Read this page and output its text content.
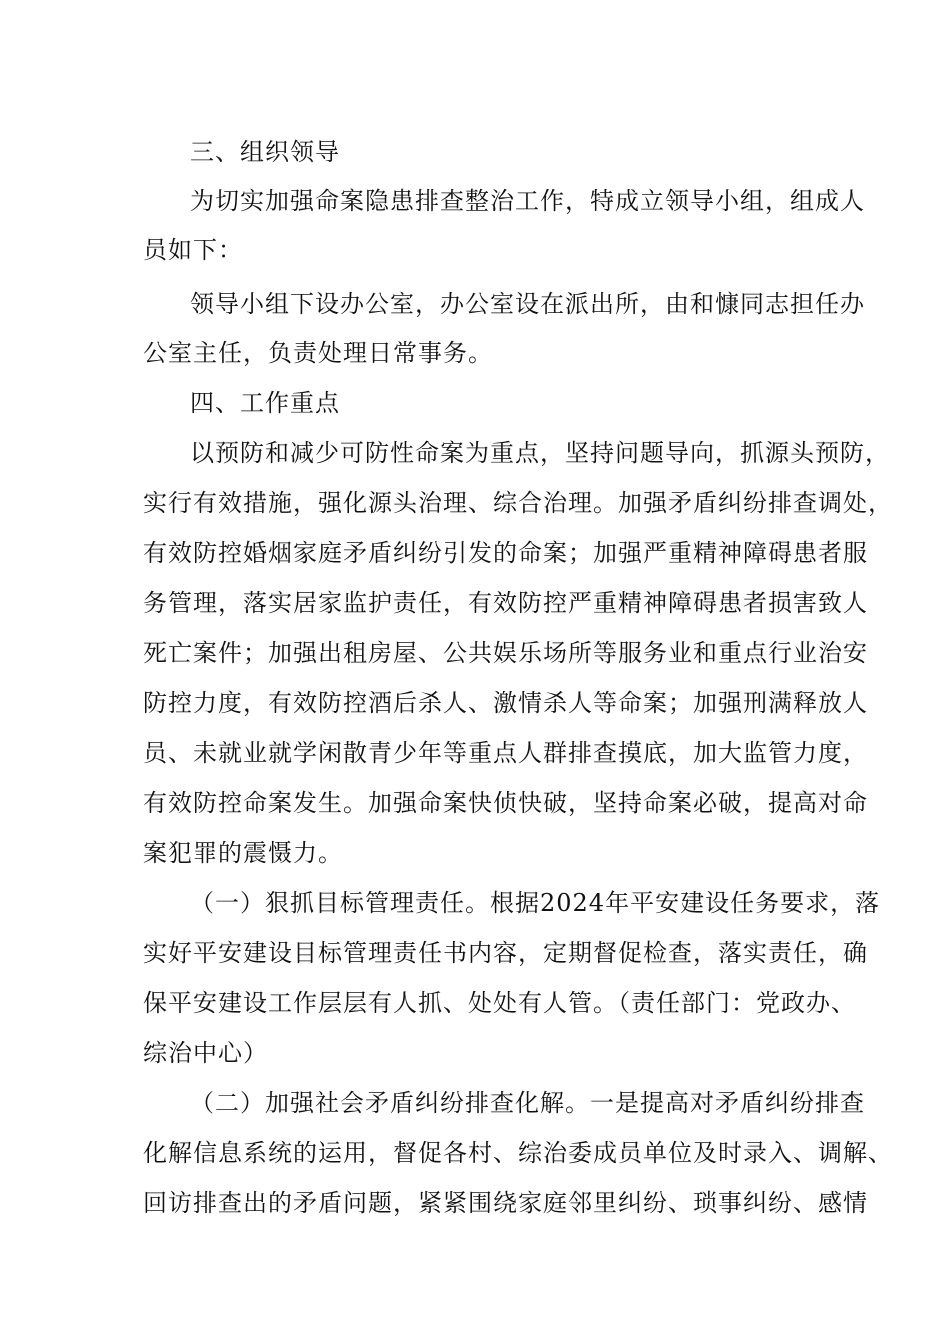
三、组织领导
为切实加强命案隐患排查整治工作，特成立领导小组，组成人
员如下：
领导小组下设办公室，办公室设在派出所，由和慷同志担任办
公室主任，负责处理日常事务。
四、工作重点
以预防和减少可防性命案为重点，坚持问题导向，抓源头预防，
实行有效措施，强化源头治理、综合治理。加强矛盾纠纷排查调处，
有效防控婚烟家庭矛盾纠纷引发的命案；加强严重精神障碍患者服
务管理，落实居家监护责任，有效防控严重精神障碍患者损害致人
死亡案件；加强出租房屋、公共娱乐场所等服务业和重点行业治安
防控力度，有效防控酒后杀人、激情杀人等命案；加强刑满释放人
员、未就业就学闲散青少年等重点人群排查摸底，加大监管力度，
有效防控命案发生。加强命案快侦快破，坚持命案必破，提高对命
案犯罪的震慑力。
（一）狠抓目标管理责任。根据2024年平安建设任务要求，落
实好平安建设目标管理责任书内容，定期督促检查，落实责任，确
保平安建设工作层层有人抓、处处有人管。（责任部门：党政办、
综治中心）
（二）加强社会矛盾纠纷排查化解。一是提高对矛盾纠纷排查
化解信息系统的运用，督促各村、综治委成员单位及时录入、调解、
回访排查出的矛盾问题，紧紧围绕家庭邻里纠纷、琐事纠纷、感情
